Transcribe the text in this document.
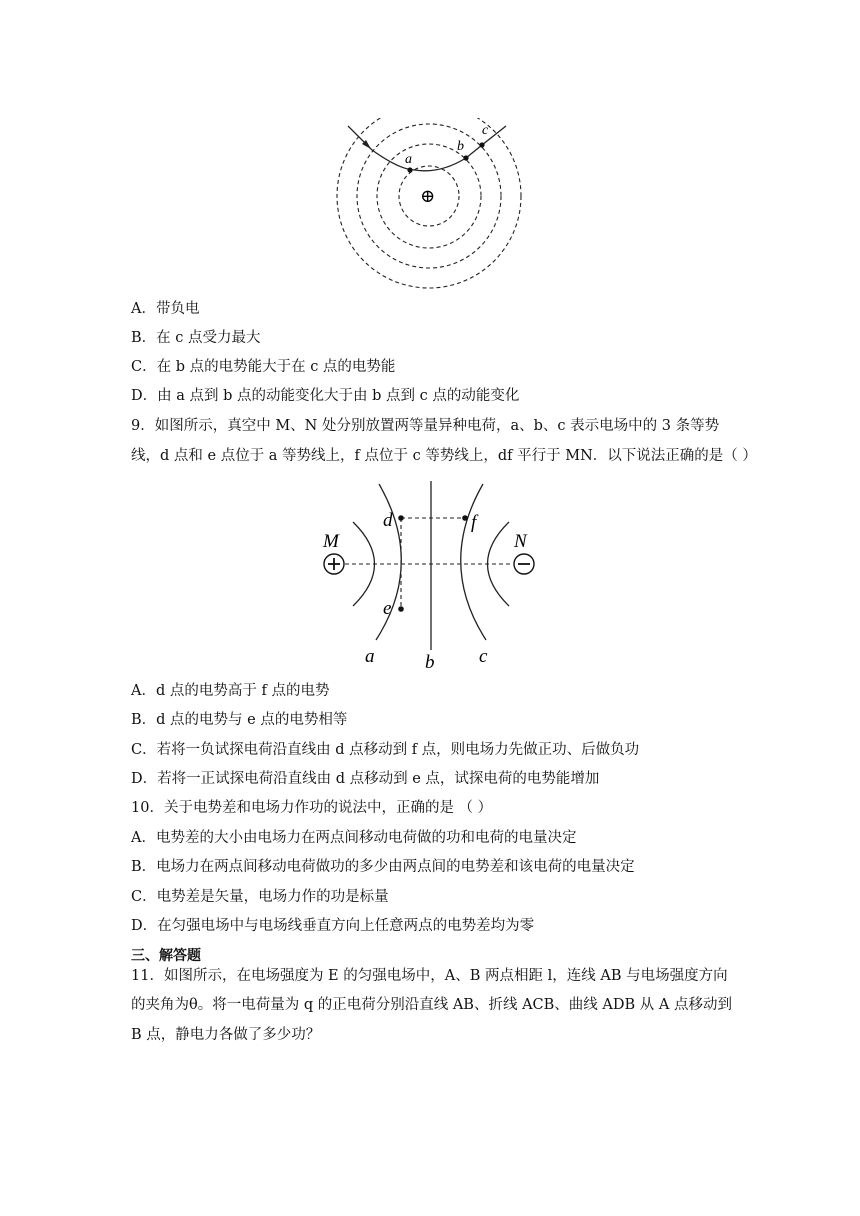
a
b
c
⊕
A．带负电
B．在 c 点受力最大
C．在 b 点的电势能大于在 c 点的电势能
D．由 a 点到 b 点的动能变化大于由 b 点到 c 点的动能变化
9．如图所示，真空中 M、N 处分别放置两等量异种电荷，a、b、c 表示电场中的 3 条等势
线，d 点和 e 点位于 a 等势线上，f 点位于 c 等势线上，df 平行于 MN．以下说法正确的是（ ）
M	N
d	f
e
a	b c
A．d 点的电势高于 f 点的电势
B．d 点的电势与 e 点的电势相等
C．若将一负试探电荷沿直线由 d 点移动到 f 点，则电场力先做正功、后做负功
D．若将一正试探电荷沿直线由 d 点移动到 e 点，试探电荷的电势能增加
10．关于电势差和电场力作功的说法中，正确的是 （ ）
A．电势差的大小由电场力在两点间移动电荷做的功和电荷的电量决定
B．电场力在两点间移动电荷做功的多少由两点间的电势差和该电荷的电量决定
C．电势差是矢量，电场力作的功是标量
D．在匀强电场中与电场线垂直方向上任意两点的电势差均为零
三、解答题
11．如图所示，在电场强度为 E 的匀强电场中，A、B 两点相距 l，连线 AB 与电场强度方向
的夹角为θ。将一电荷量为 q 的正电荷分别沿直线 AB、折线 ACB、曲线 ADB 从 A 点移动到
B 点，静电力各做了多少功？
